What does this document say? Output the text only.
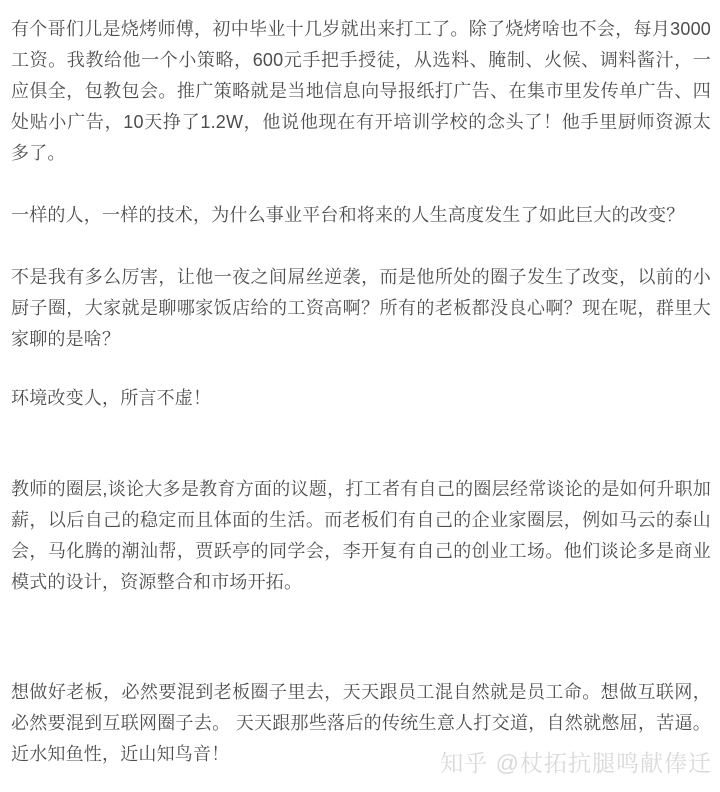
有个哥们儿是烧烤师傅，初中毕业十几岁就出来打工了。除了烧烤啥也不会，每月3000工资。我教给他一个小策略，600元手把手授徒，从选料、腌制、火候、调料酱汁，一应俱全，包教包会。推广策略就是当地信息向导报纸打广告、在集市里发传单广告、四处贴小广告，10天挣了1.2W，他说他现在有开培训学校的念头了！他手里厨师资源太多了。

一样的人，一样的技术，为什么事业平台和将来的人生高度发生了如此巨大的改变？

不是我有多么厉害，让他一夜之间屌丝逆袭，而是他所处的圈子发生了改变，以前的小厨子圈，大家就是聊哪家饭店给的工资高啊？所有的老板都没良心啊？现在呢，群里大家聊的是啥？

环境改变人，所言不虚！

教师的圈层,谈论大多是教育方面的议题，打工者有自己的圈层经常谈论的是如何升职加薪，以后自己的稳定而且体面的生活。而老板们有自己的企业家圈层，例如马云的泰山会，马化腾的潮汕帮，贾跃亭的同学会，李开复有自己的创业工场。他们谈论多是商业模式的设计，资源整合和市场开拓。

想做好老板，必然要混到老板圈子里去，天天跟员工混自然就是员工命。想做互联网，必然要混到互联网圈子去。 天天跟那些落后的传统生意人打交道，自然就憋屈，苦逼。近水知鱼性，近山知鸟音！	知乎 @杖拓抗腿鸣献俸迁
